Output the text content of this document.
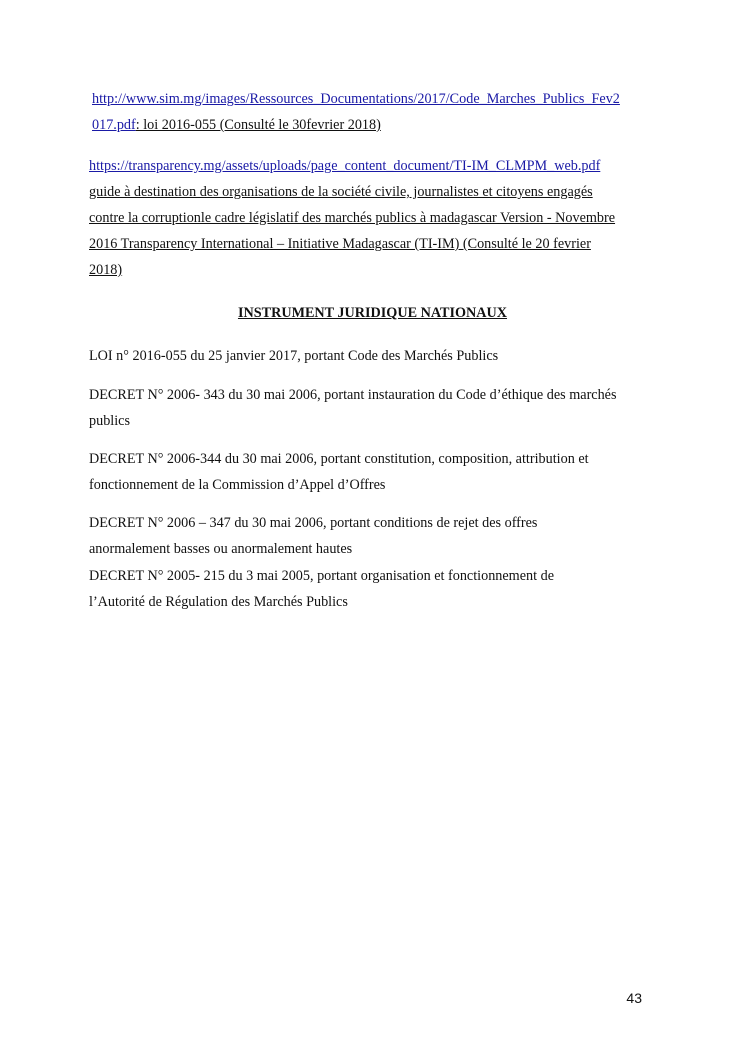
http://www.sim.mg/images/Ressources_Documentations/2017/Code_Marches_Publics_Fev2
017.pdf: loi 2016-055 (Consulté le 30fevrier 2018)
https://transparency.mg/assets/uploads/page_content_document/TI-IM_CLMPM_web.pdf
guide à destination des organisations de la société civile, journalistes et citoyens engagés
contre la corruptionle cadre législatif des marchés publics à madagascar Version - Novembre
2016 Transparency International – Initiative Madagascar (TI-IM) (Consulté le 20 fevrier
2018)
INSTRUMENT JURIDIQUE NATIONAUX
LOI n° 2016-055 du 25 janvier 2017, portant Code des Marchés Publics
DECRET N° 2006- 343 du 30 mai 2006, portant instauration du Code d’éthique des marchés
publics
DECRET N° 2006-344 du 30 mai 2006, portant constitution, composition, attribution et
fonctionnement de la Commission d’Appel d’Offres
DECRET N° 2006 – 347 du 30 mai 2006, portant conditions de rejet des offres
anormalement basses ou anormalement hautes
DECRET N° 2005‐ 215 du 3 mai 2005, portant organisation et fonctionnement de
l’Autorité de Régulation des Marchés Publics
43
